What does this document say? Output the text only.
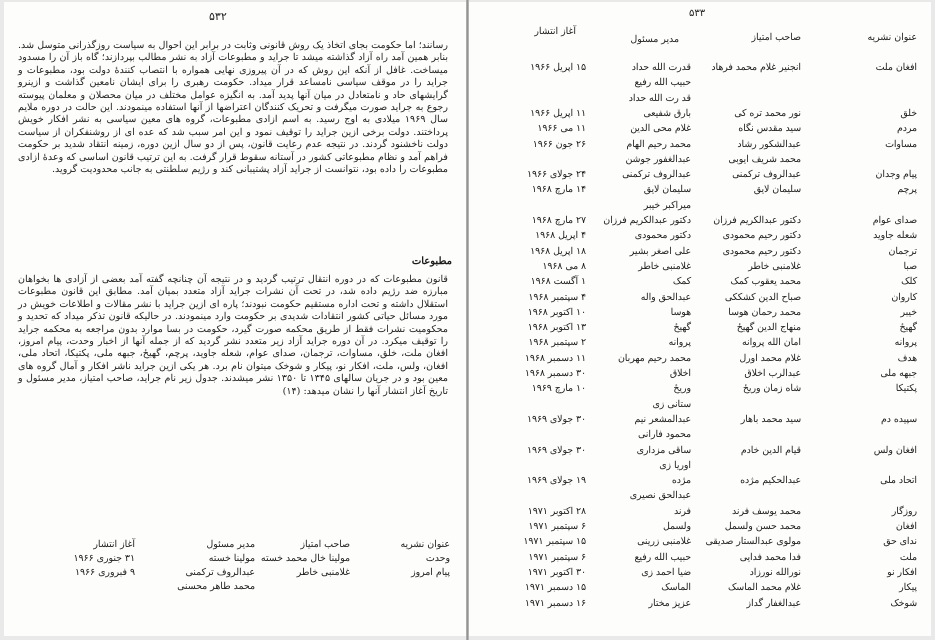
۵۳۲
رسانند؛ اما حکومت بجای اتخاذ یک روش قانونی وثابت در برابر این احوال به سیاست روزگذرانی متوسل شد. بنابر همین آمد راه آزاد گذاشته میشد تا جراید و مطبوعات آزاد به نشر مطالب بپردازند؛ گاه باز آن را مسدود میساخت. غافل از آنکه این روش که در آن پیروزی نهایی همواره با انتصاب کنندۀ دولت بود، مطبوعات و جراید را در موقف سیاسی نامساعد قرار میداد. حکومت رهبری را برای ایشان نامعین گذاشت و ازینرو گرایشهای حاد و نامتعادل در میان آنها پدید آمد. به انگیزه عوامل مختلف در میان محصلان و معلمان پیوسته رجوع به جراید صورت میگرفت و تحریک کنندگان اعتراضها از آنها استفاده مینمودند. این حالت در دوره ملایم سال ۱۹۶۹ میلادی به اوج رسید. به اسم ازادی مطبوعات، گروه های معین سیاسی به نشر افکار خویش پرداختند. دولت برخی ازین جراید را توقیف نمود و این امر سبب شد که عده ای از روشنفکران از سیاست دولت ناخشنود گردند. در نتیجه عدم رعایت قانون، پس از دو سال ازین دوره، زمینه انتقاد شدید بر حکومت فراهم آمد و نظام مطبوعاتی کشور در آستانه سقوط قرار گرفت. به این ترتیب قانون اساسی که وعدۀ ازادی مطبوعات را داده بود، نتوانست از جراید آزاد پشتیبانی کند و رژیم سلطنتی به جانب محدودیت گروید.
مطبوعات
قانون مطبوعات که در دوره انتقال ترتیب گردید و در نتیجه آن چنانچه گفته آمد بعضی از آزادی ها بخواهان مبارزه ضد رژیم داده شد، در تحت آن نشرات جراید آزاد متعدد بمیان آمد. مطابق این قانون مطبوعات استقلال داشته و تحت اداره مستقیم حکومت نبودند؛ پاره ای ازین جراید با نشر مقالات و اطلاعات خویش در مورد مسائل حیاتی کشور انتقادات شدیدی بر حکومت وارد مینمودند. در حالیکه قانون تذکر میداد که تحدید و محکومیت نشرات فقط از طریق محکمه صورت گیرد، حکومت در بسا موارد بدون مراجعه به محکمه جراید را توقیف میکرد. در آن دوره جراید آزاد زیر متعدد نشر گردید که از جمله آنها از اخبار وحدت، پیام امروز، افغان ملت، خلق، مساوات، ترجمان، صدای عوام، شعله جاوید، پرچم، گهیځ، جبهه ملی، پکتیکا، اتحاد ملی، افغان، ولس، ملت، افکار نو، پیکار و شوخک میتوان نام برد. هر یکی ازین جراید ناشر افکار و آمال گروه های معین بود و در جریان سالهای ۱۳۴۵ تا ۱۳۵۰ نشر میشدند. جدول زیر نام جراید، صاحب امتیاز، مدیر مسئول و تاریخ آغاز انتشار آنها را نشان میدهد: (۱۴)
عنوان نشریه
صاحب امتیاز
مدیر مسئول
آغاز انتشار
وحدت
مولینا خال محمد خسته
مولینا خسته
۳۱ جنوری ۱۹۶۶
پیام امروز
غلامنبی خاطر
عبدالروف ترکمنی
۹ فبروری ۱۹۶۶
محمد طاهر محسنی
۵۳۳
عنوان نشریه
صاحب امتیاز
مدیر مسئول
آغاز انتشار
افغان ملت
انجنیر غلام محمد فرهاد
قدرت الله حداد
۱۵ اپریل ۱۹۶۶
حبیب الله رفیع
قد رت الله حداد
خلق
نور محمد تره کی
بارق شفیعی
۱۱ اپریل ۱۹۶۶
مردم
سید مقدس نگاه
غلام محی الدین
۱۱ می ۱۹۶۶
مساوات
عبدالشکور رشاد
محمد رحیم الهام
۲۶ جون ۱۹۶۶
محمد شریف ایوبی
عبدالغفور جوشن
پیام وجدان
عبدالروف ترکمنی
عبدالروف ترکمنی
۲۴ جولای ۱۹۶۶
پرچم
سلیمان لایق
سلیمان لایق
۱۴ مارچ ۱۹۶۸
میراکبر خیبر
صدای عوام
دکتور عبدالکریم فرزان
دکتور عبدالکریم فرزان
۲۷ مارچ ۱۹۶۸
شعله جاوید
دکتور رحیم محمودی
دکتور محمودی
۴ اپریل ۱۹۶۸
ترجمان
دکتور رحیم محمودی
علی اصغر بشیر
۱۸ اپریل ۱۹۶۸
صبا
غلامنبی خاطر
غلامنبی خاطر
۸ می ۱۹۶۸
کلک
محمد یعقوب کمک
کمک
۱ آگست ۱۹۶۸
کاروان
صباح الدین کشککی
عبدالحق واله
۴ سپتمبر ۱۹۶۸
خیبر
محمد رحمان هوسا
هوسا
۱۰ اکتوبر ۱۹۶۸
گهیځ
منهاج الدین گهیځ
گهیځ
۱۳ اکتوبر ۱۹۶۸
پروانه
امان الله پروانه
پروانه
۲ سپتمبر ۱۹۶۸
هدف
غلام محمد اورل
محمد رحیم مهربان
۱۱ دسمبر ۱۹۶۸
جبهه ملی
عبدالرب اخلاق
اخلاق
۳۰ دسمبر ۱۹۶۸
پکتیکا
شاه زمان وریځ
وریځ
۱۰ مارچ ۱۹۶۹
ستانی زی
سپیده دم
سید محمد باهار
عبدالمشعر نیم
۳۰ جولای ۱۹۶۹
محمود فارانی
افغان ولس
قیام الدین خادم
ساقی مزداری
۳۰ جولای ۱۹۶۹
اوریا زی
اتحاد ملی
عبدالحکیم مژده
مژده
۱۹ جولای ۱۹۶۹
عبدالحق نصیری
روزگار
محمد یوسف فرند
فرند
۲۸ اکتوبر ۱۹۷۱
افغان
محمد حسن ولسمل
ولسمل
۶ سپتمبر ۱۹۷۱
ندای حق
مولوی عبدالستار صدیقی
غلامنبی زرینی
۱۵ سپتمبر ۱۹۷۱
ملت
فدا محمد فدایی
حبیب الله رفیع
۶ سپتمبر ۱۹۷۱
افکار نو
نورالله نورزاد
ضیا احمد زی
۳۰ اکتوبر ۱۹۷۱
پیکار
غلام محمد الماسک
الماسک
۱۵ دسمبر ۱۹۷۱
شوخک
عبدالغفار گداز
عزیز مختار
۱۶ دسمبر ۱۹۷۱
